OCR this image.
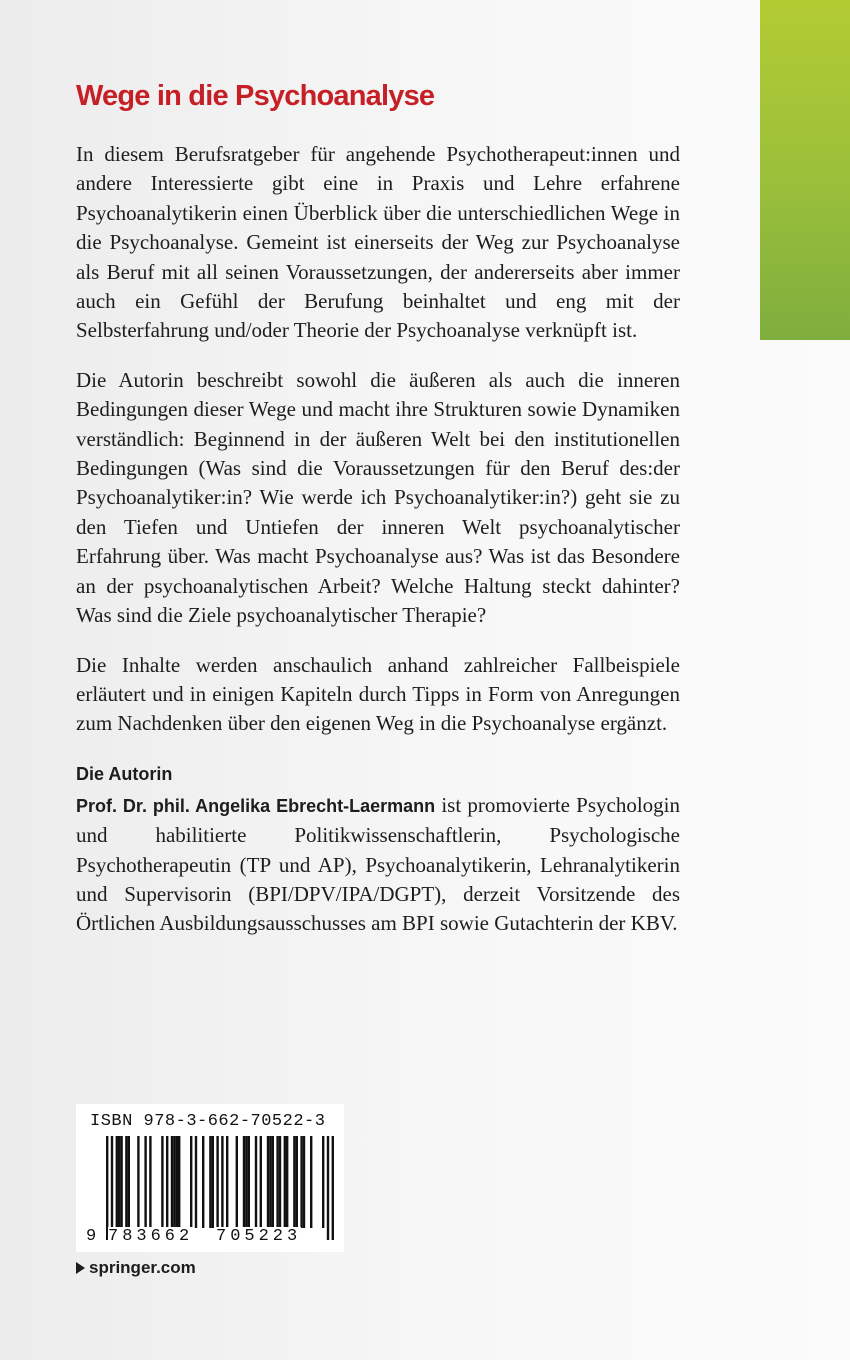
Wege in die Psychoanalyse

In diesem Berufsratgeber für angehende Psychotherapeut:innen und andere Interessierte gibt eine in Praxis und Lehre erfahrene Psychoanalytikerin einen Überblick über die unterschiedlichen Wege in die Psychoanalyse. Gemeint ist einerseits der Weg zur Psychoanalyse als Beruf mit all seinen Voraussetzungen, der andererseits aber immer auch ein Gefühl der Berufung beinhaltet und eng mit der Selbsterfahrung und/oder Theorie der Psychoanalyse verknüpft ist.

Die Autorin beschreibt sowohl die äußeren als auch die inneren Bedingungen dieser Wege und macht ihre Strukturen sowie Dynamiken verständlich: Beginnend in der äußeren Welt bei den institutionellen Bedingungen (Was sind die Voraussetzungen für den Beruf des:der Psychoanalytiker:in? Wie werde ich Psychoanalytiker:in?) geht sie zu den Tiefen und Untiefen der inneren Welt psychoanalytischer Erfahrung über. Was macht Psychoanalyse aus? Was ist das Besondere an der psychoanalytischen Arbeit? Welche Haltung steckt dahinter? Was sind die Ziele psychoanalytischer Therapie?

Die Inhalte werden anschaulich anhand zahlreicher Fallbeispiele erläutert und in einigen Kapiteln durch Tipps in Form von Anregungen zum Nachdenken über den eigenen Weg in die Psychoanalyse ergänzt.

Die Autorin

Prof. Dr. phil. Angelika Ebrecht-Laermann ist promovierte Psychologin und habilitierte Politikwissenschaftlerin, Psychologische Psychotherapeutin (TP und AP), Psychoanalytikerin, Lehranalytikerin und Supervisorin (BPI/DPV/IPA/DGPT), derzeit Vorsitzende des Örtlichen Ausbildungsausschusses am BPI sowie Gutachterin der KBV.

ISBN 978-3-662-70522-3
9 783662 705223
springer.com
